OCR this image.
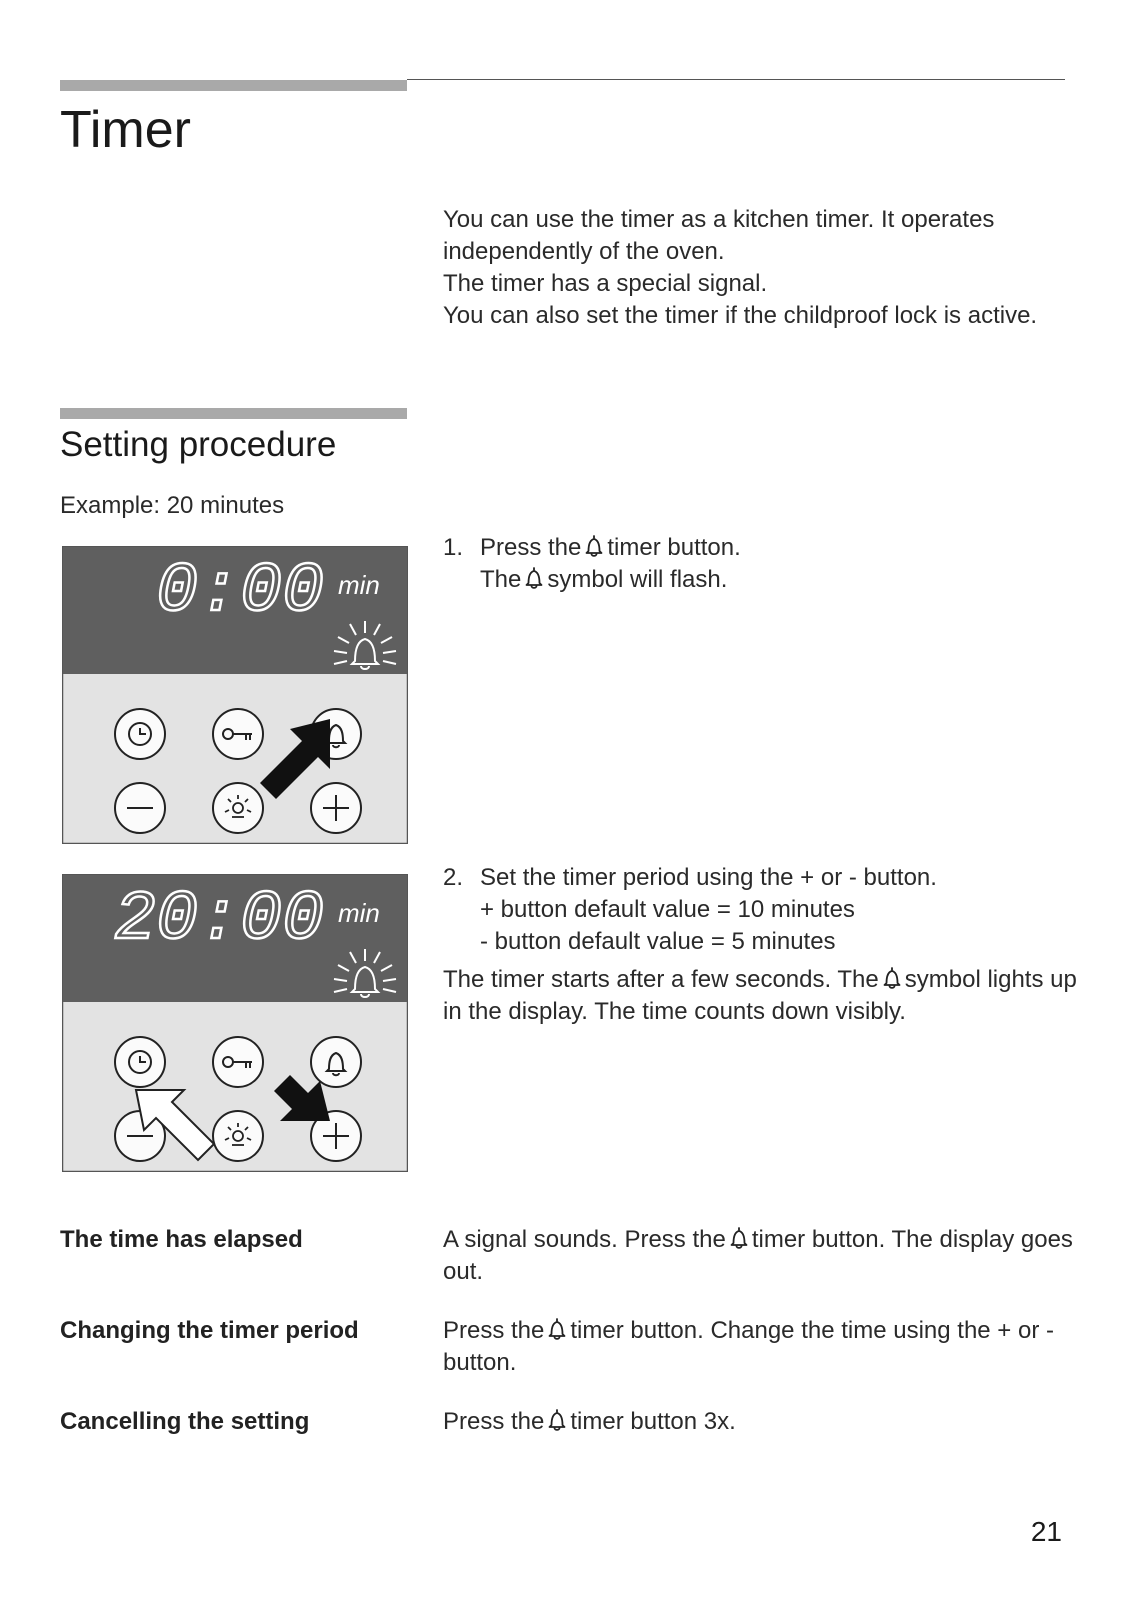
Timer
You can use the timer as a kitchen timer. It operates independently of the oven.
The timer has a special signal.
You can also set the timer if the childproof lock is active.
Setting procedure
Example: 20 minutes
0:00 min
1. Press the timer button.
The symbol will flash.
20:00 min
2. Set the timer period using the + or - button.
+ button default value = 10 minutes
- button default value = 5 minutes
The timer starts after a few seconds. The symbol lights up in the display. The time counts down visibly.
The time has elapsed	A signal sounds. Press the timer button. The display goes out.
Changing the timer period	Press the timer button. Change the time using the + or - button.
Cancelling the setting	Press the timer button 3x.
21
